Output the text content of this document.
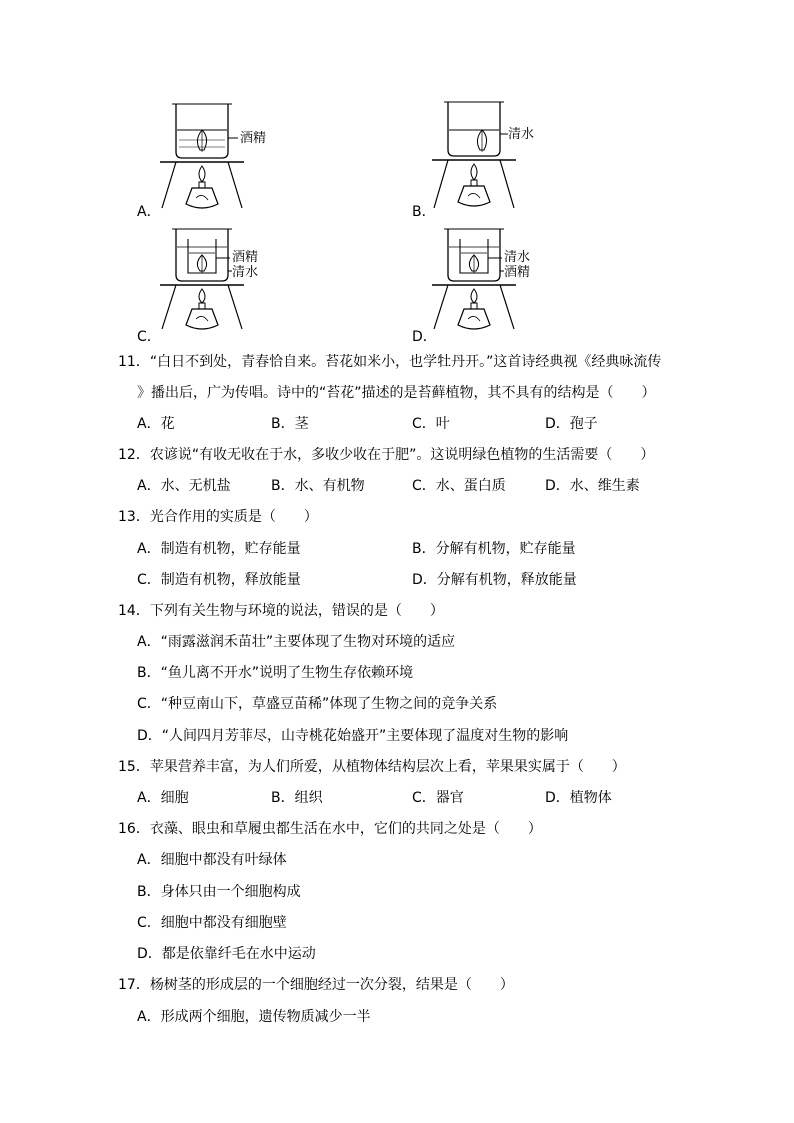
酒精
A．
清水
B．
酒精
清水
C．
清水
酒精
D．
11．“白日不到处，青春恰自来。苔花如米小，也学牡丹开。”这首诗经典视《经典咏流传
》播出后，广为传唱。诗中的“苔花”描述的是苔藓植物，其不具有的结构是（　　）
A．花	B．茎	C．叶	D．孢子
12．农谚说“有收无收在于水，多收少收在于肥”。这说明绿色植物的生活需要（　　）
A．水、无机盐	B．水、有机物	C．水、蛋白质	D．水、维生素
13．光合作用的实质是（　　）
A．制造有机物，贮存能量	B．分解有机物，贮存能量
C．制造有机物，释放能量	D．分解有机物，释放能量
14．下列有关生物与环境的说法，错误的是（　　）
A．“雨露滋润禾苗壮”主要体现了生物对环境的适应
B．“鱼儿离不开水”说明了生物生存依赖环境
C．“种豆南山下，草盛豆苗稀”体现了生物之间的竞争关系
D．“人间四月芳菲尽，山寺桃花始盛开”主要体现了温度对生物的影响
15．苹果营养丰富，为人们所爱，从植物体结构层次上看，苹果果实属于（　　）
A．细胞	B．组织	C．器官	D．植物体
16．衣藻、眼虫和草履虫都生活在水中，它们的共同之处是（　　）
A．细胞中都没有叶绿体
B．身体只由一个细胞构成
C．细胞中都没有细胞壁
D．都是依靠纤毛在水中运动
17．杨树茎的形成层的一个细胞经过一次分裂，结果是（　　）
A．形成两个细胞，遗传物质减少一半
